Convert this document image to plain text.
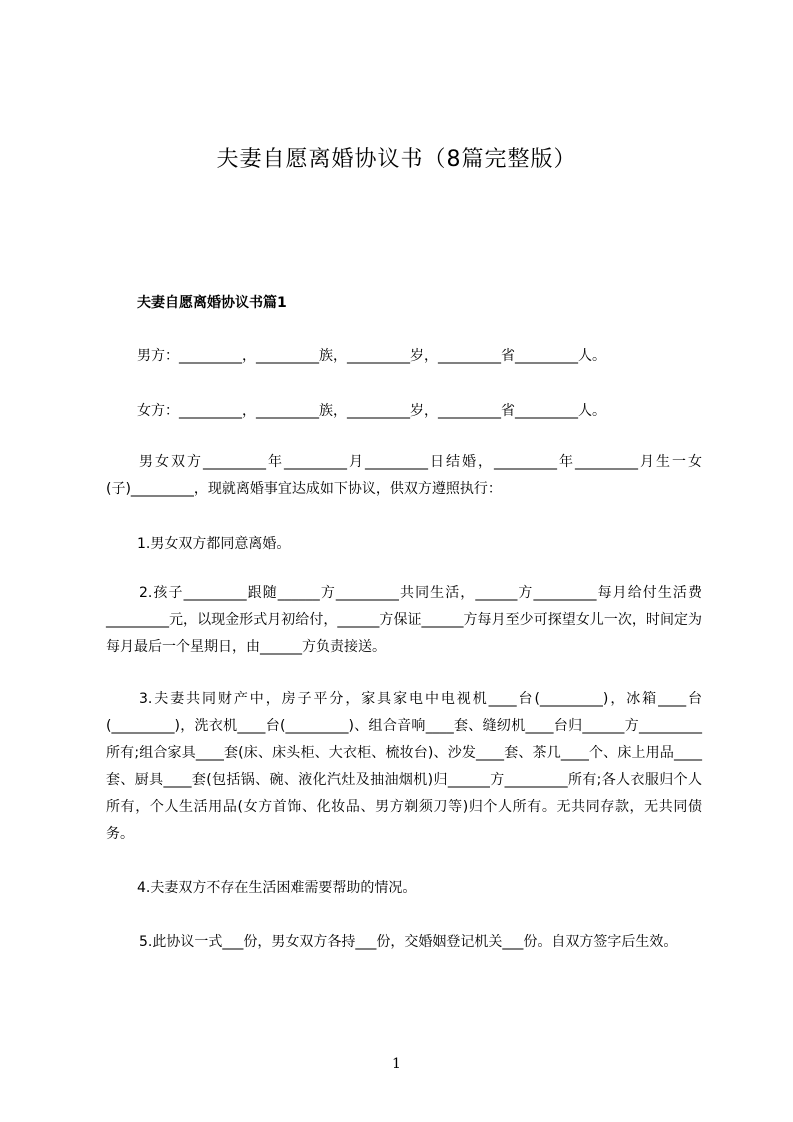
夫妻自愿离婚协议书（8篇完整版）
夫妻自愿离婚协议书篇1
男方：_________，_________族，_________岁，_________省_________人。
女方：_________，_________族，_________岁，_________省_________人。
男女双方_________年_________月_________日结婚，_________年_________月生一女(子)_________，现就离婚事宜达成如下协议，供双方遵照执行：
1.男女双方都同意离婚。
2.孩子_________跟随______方_________共同生活，______方_________每月给付生活费_________元，以现金形式月初给付，______方保证______方每月至少可探望女儿一次，时间定为每月最后一个星期日，由______方负责接送。
3.夫妻共同财产中，房子平分，家具家电中电视机____台(_________)，冰箱____台(_________)，洗衣机____台(_________)、组合音响____套、缝纫机____台归______方_________所有;组合家具____套(床、床头柜、大衣柜、梳妆台)、沙发____套、茶几____个、床上用品____套、厨具____套(包括锅、碗、液化汽灶及抽油烟机)归______方_________所有;各人衣服归个人所有，个人生活用品(女方首饰、化妆品、男方剃须刀等)归个人所有。无共同存款，无共同债务。
4.夫妻双方不存在生活困难需要帮助的情况。
5.此协议一式___份，男女双方各持___份，交婚姻登记机关___份。自双方签字后生效。
1
